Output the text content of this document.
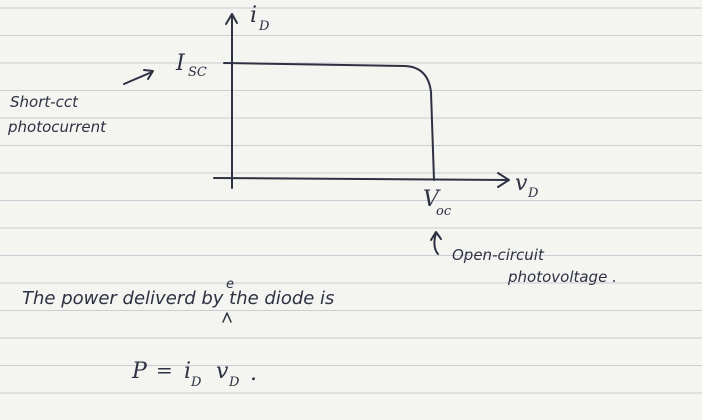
i D
v D
I SC
Short-cct
photocurrent
V
oc
Open-circuit
photovoltage .
The power deliverd by the diode is
e
P = i D v D .
